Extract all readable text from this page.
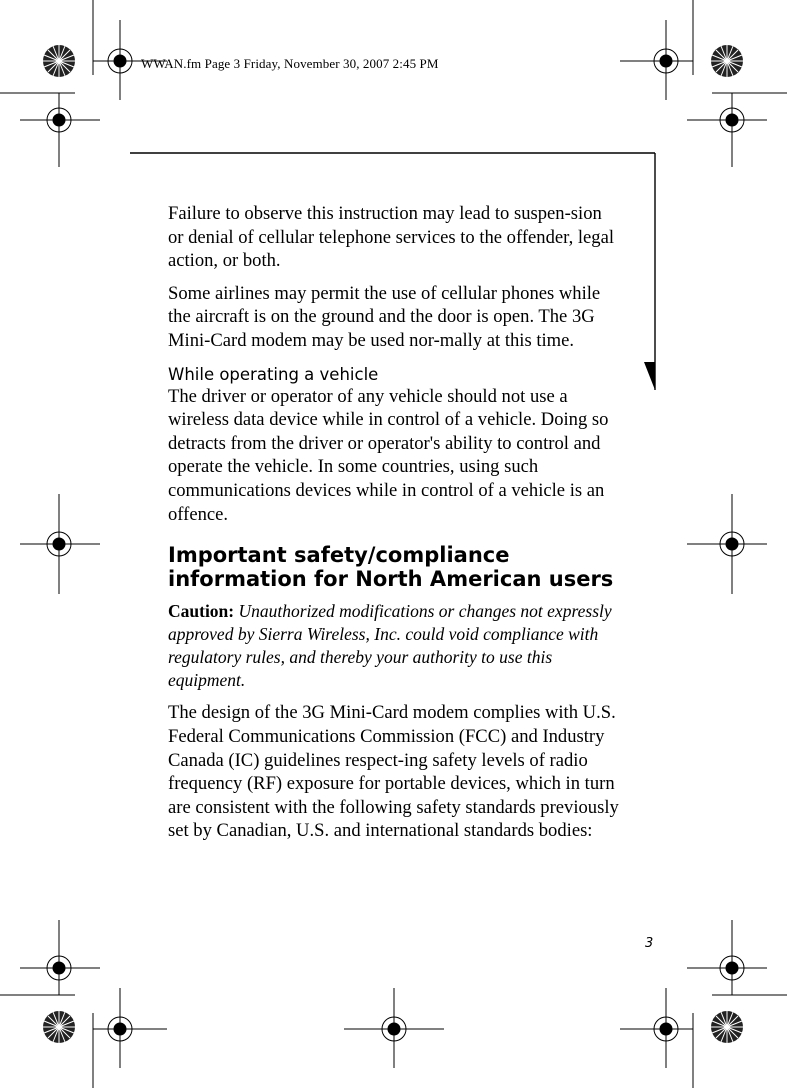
WWAN.fm Page 3 Friday, November 30, 2007 2:45 PM

Failure to observe this instruction may lead to suspen-sion or denial of cellular telephone services to the offender, legal action, or both.

Some airlines may permit the use of cellular phones while the aircraft is on the ground and the door is open. The 3G Mini-Card modem may be used nor-mally at this time.

While operating a vehicle

The driver or operator of any vehicle should not use a wireless data device while in control of a vehicle. Doing so detracts from the driver or operator's ability to control and operate the vehicle. In some countries, using such communications devices while in control of a vehicle is an offence.

Important safety/compliance information for North American users

Caution: Unauthorized modifications or changes not expressly approved by Sierra Wireless, Inc. could void compliance with regulatory rules, and thereby your authority to use this equipment.

The design of the 3G Mini-Card modem complies with U.S. Federal Communications Commission (FCC) and Industry Canada (IC) guidelines respect-ing safety levels of radio frequency (RF) exposure for portable devices, which in turn are consistent with the following safety standards previously set by Canadian, U.S. and international standards bodies:

3
